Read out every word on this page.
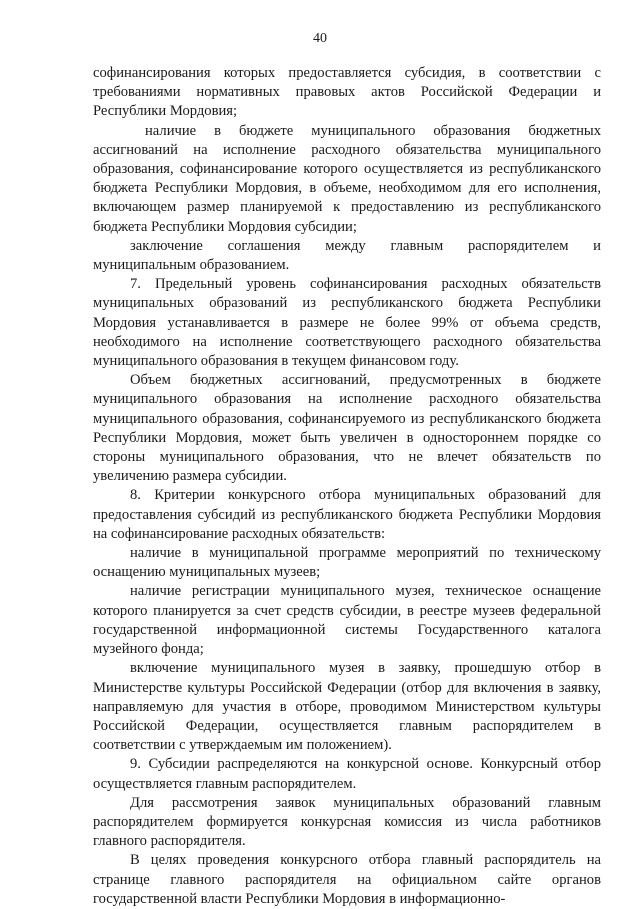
40

софинансирования которых предоставляется субсидия, в соответствии с требованиями нормативных правовых актов Российской Федерации и Республики Мордовия;

наличие в бюджете муниципального образования бюджетных ассигнований на исполнение расходного обязательства муниципального образования, софинансирование которого осуществляется из республиканского бюджета Республики Мордовия, в объеме, необходимом для его исполнения, включающем размер планируемой к предоставлению из республиканского бюджета Республики Мордовия субсидии;

заключение соглашения между главным распорядителем и муниципальным образованием.

7. Предельный уровень софинансирования расходных обязательств муниципальных образований из республиканского бюджета Республики Мордовия устанавливается в размере не более 99% от объема средств, необходимого на исполнение соответствующего расходного обязательства муниципального образования в текущем финансовом году.

Объем бюджетных ассигнований, предусмотренных в бюджете муниципального образования на исполнение расходного обязательства муниципального образования, софинансируемого из республиканского бюджета Республики Мордовия, может быть увеличен в одностороннем порядке со стороны муниципального образования, что не влечет обязательств по увеличению размера субсидии.

8. Критерии конкурсного отбора муниципальных образований для предоставления субсидий из республиканского бюджета Республики Мордовия на софинансирование расходных обязательств:

наличие в муниципальной программе мероприятий по техническому оснащению муниципальных музеев;

наличие регистрации муниципального музея, техническое оснащение которого планируется за счет средств субсидии, в реестре музеев федеральной государственной информационной системы Государственного каталога музейного фонда;

включение муниципального музея в заявку, прошедшую отбор в Министерстве культуры Российской Федерации (отбор для включения в заявку, направляемую для участия в отборе, проводимом Министерством культуры Российской Федерации, осуществляется главным распорядителем в соответствии с утверждаемым им положением).

9. Субсидии распределяются на конкурсной основе. Конкурсный отбор осуществляется главным распорядителем.

Для рассмотрения заявок муниципальных образований главным распорядителем формируется конкурсная комиссия из числа работников главного распорядителя.

В целях проведения конкурсного отбора главный распорядитель на странице главного распорядителя на официальном сайте органов государственной власти Республики Мордовия в информационно-
